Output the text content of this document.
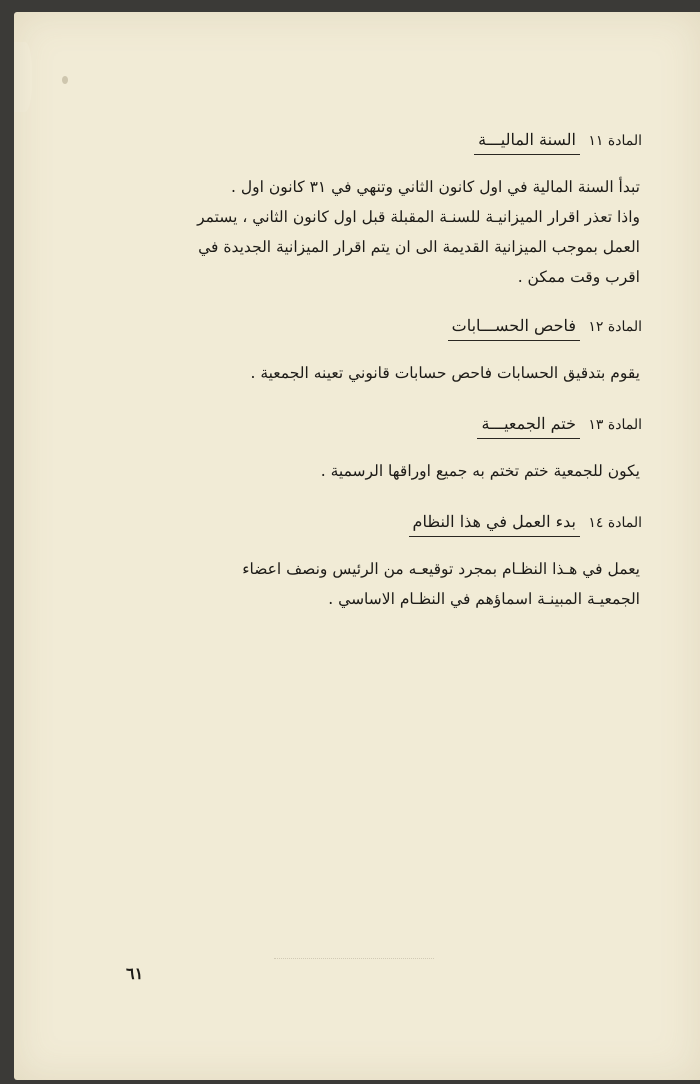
المادة ١١
السنة الماليـــة

تبدأ السنة المالية في اول كانون الثاني وتنهي في ٣١ كانون اول .

واذا تعذر اقرار الميزانيـة للسنـة المقبلة قبل اول كانون الثاني ، يستمر

العمل بموجب الميزانية القديمة الى ان يتم اقرار الميزانية الجديدة في

اقرب وقت ممكن .

المادة ١٢
فاحص الحســـابات

يقوم بتدقيق الحسابات فاحص حسابات قانوني تعينه الجمعية .

المادة ١٣
ختم الجمعيـــة

يكون للجمعية ختم تختم به جميع اوراقها الرسمية .

المادة ١٤
بدء العمل في هذا النظام

يعمل في هـذا النظـام بمجرد توقيعـه من الرئيس ونصف اعضاء

الجمعيـة المبينـة اسماؤهم في النظـام الاساسي .

٦١
